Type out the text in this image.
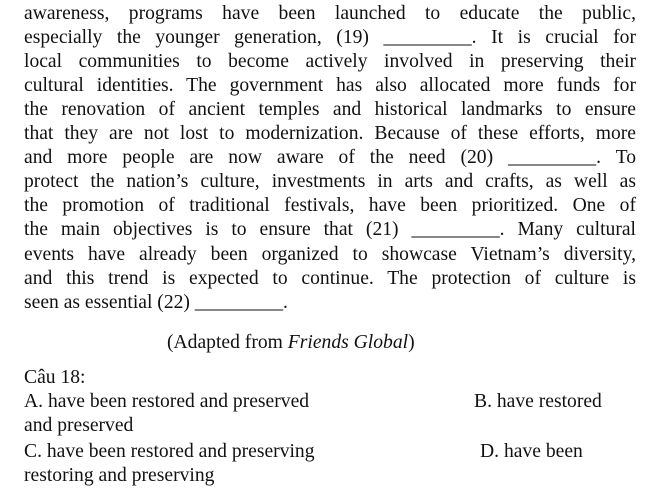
awareness, programs have been launched to educate the public,
especially the younger generation, (19) _________. It is crucial for
local communities to become actively involved in preserving their
cultural identities. The government has also allocated more funds for
the renovation of ancient temples and historical landmarks to ensure
that they are not lost to modernization. Because of these efforts, more
and more people are now aware of the need (20) _________. To
protect the nation’s culture, investments in arts and crafts, as well as
the promotion of traditional festivals, have been prioritized. One of
the main objectives is to ensure that (21) _________. Many cultural
events have already been organized to showcase Vietnam’s diversity,
and this trend is expected to continue. The protection of culture is
seen as essential (22) _________.
(Adapted from Friends Global)
Câu 18:
A. have been restored and preserved	B. have restored
and preserved
C. have been restored and preserving	D. have been
restoring and preserving
